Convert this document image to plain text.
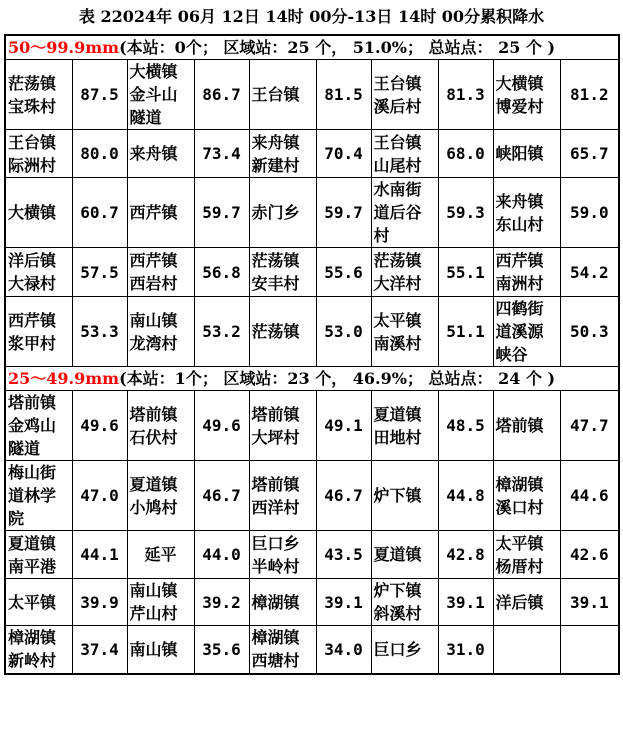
表 22024年 06月 12日 14时 00分-13日 14时 00分累积降水
50～99.9mm(本站：0个； 区域站：25 个， 51.0%； 总站点： 25 个 )									
茫荡镇宝珠村	87.5	大横镇金斗山隧道	86.7	王台镇	81.5	王台镇溪后村	81.3	大横镇博爱村	81.2
王台镇际洲村	80.0	来舟镇	73.4	来舟镇新建村	70.4	王台镇山尾村	68.0	峡阳镇	65.7
大横镇	60.7	西芹镇	59.7	赤门乡	59.7	水南街道后谷村	59.3	来舟镇东山村	59.0
洋后镇大禄村	57.5	西芹镇西岩村	56.8	茫荡镇安丰村	55.6	茫荡镇大洋村	55.1	西芹镇南洲村	54.2
西芹镇浆甲村	53.3	南山镇龙湾村	53.2	茫荡镇	53.0	太平镇南溪村	51.1	四鹤街道溪源峡谷	50.3
25～49.9mm(本站：1个； 区域站：23 个， 46.9%； 总站点： 24 个 )									
塔前镇金鸡山隧道	49.6	塔前镇石伏村	49.6	塔前镇大坪村	49.1	夏道镇田地村	48.5	塔前镇	47.7
梅山街道林学院	47.0	夏道镇小鸠村	46.7	塔前镇西洋村	46.7	炉下镇	44.8	樟湖镇溪口村	44.6
夏道镇南平港	44.1	延平	44.0	巨口乡半岭村	43.5	夏道镇	42.8	太平镇杨厝村	42.6
太平镇	39.9	南山镇芹山村	39.2	樟湖镇	39.1	炉下镇斜溪村	39.1	洋后镇	39.1
樟湖镇新岭村	37.4	南山镇	35.6	樟湖镇西塘村	34.0	巨口乡	31.0		
